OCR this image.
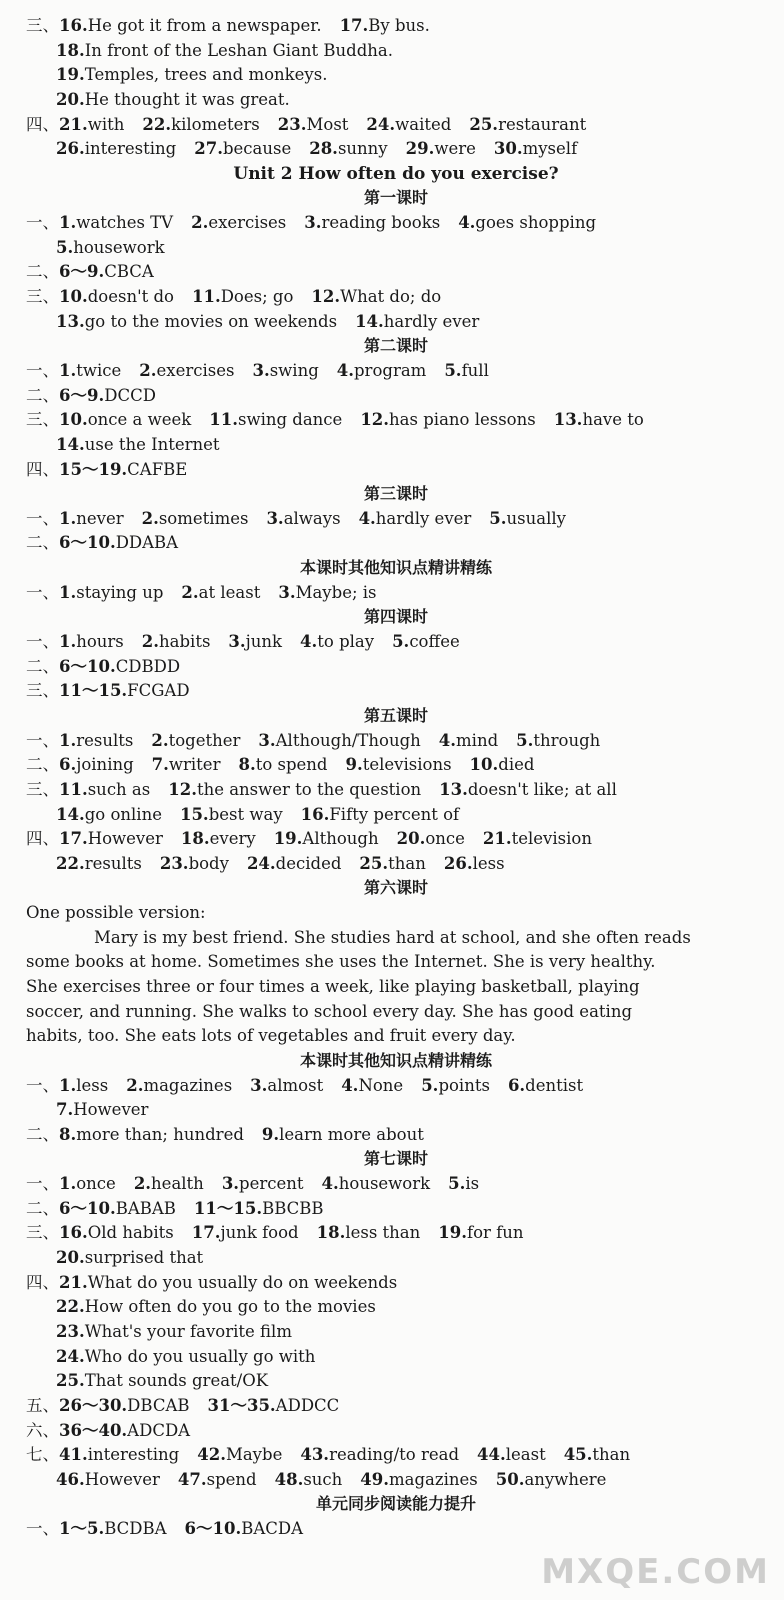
三、16.He got it from a newspaper. 17.By bus.
18.In front of the Leshan Giant Buddha.
19.Temples, trees and monkeys.
20.He thought it was great.
四、21.with 22.kilometers 23.Most 24.waited 25.restaurant
26.interesting 27.because 28.sunny 29.were 30.myself
Unit 2 How often do you exercise?
第一课时
一、1.watches TV 2.exercises 3.reading books 4.goes shopping
5.housework
二、6～9.CBCA
三、10.doesn't do 11.Does; go 12.What do; do
13.go to the movies on weekends 14.hardly ever
第二课时
一、1.twice 2.exercises 3.swing 4.program 5.full
二、6～9.DCCD
三、10.once a week 11.swing dance 12.has piano lessons 13.have to
14.use the Internet
四、15～19.CAFBE
第三课时
一、1.never 2.sometimes 3.always 4.hardly ever 5.usually
二、6～10.DDABA
本课时其他知识点精讲精练
一、1.staying up 2.at least 3.Maybe; is
第四课时
一、1.hours 2.habits 3.junk 4.to play 5.coffee
二、6～10.CDBDD
三、11～15.FCGAD
第五课时
一、1.results 2.together 3.Although/Though 4.mind 5.through
二、6.joining 7.writer 8.to spend 9.televisions 10.died
三、11.such as 12.the answer to the question 13.doesn't like; at all
14.go online 15.best way 16.Fifty percent of
四、17.However 18.every 19.Although 20.once 21.television
22.results 23.body 24.decided 25.than 26.less
第六课时
One possible version:
Mary is my best friend. She studies hard at school, and she often reads
some books at home. Sometimes she uses the Internet. She is very healthy.
She exercises three or four times a week, like playing basketball, playing
soccer, and running. She walks to school every day. She has good eating
habits, too. She eats lots of vegetables and fruit every day.
本课时其他知识点精讲精练
一、1.less 2.magazines 3.almost 4.None 5.points 6.dentist
7.However
二、8.more than; hundred 9.learn more about
第七课时
一、1.once 2.health 3.percent 4.housework 5.is
二、6～10.BABAB 11～15.BBCBB
三、16.Old habits 17.junk food 18.less than 19.for fun
20.surprised that
四、21.What do you usually do on weekends
22.How often do you go to the movies
23.What's your favorite film
24.Who do you usually go with
25.That sounds great/OK
五、26～30.DBCAB 31～35.ADDCC
六、36～40.ADCDA
七、41.interesting 42.Maybe 43.reading/to read 44.least 45.than
46.However 47.spend 48.such 49.magazines 50.anywhere
单元同步阅读能力提升
一、1～5.BCDBA 6～10.BACDA
MXQE.COM
